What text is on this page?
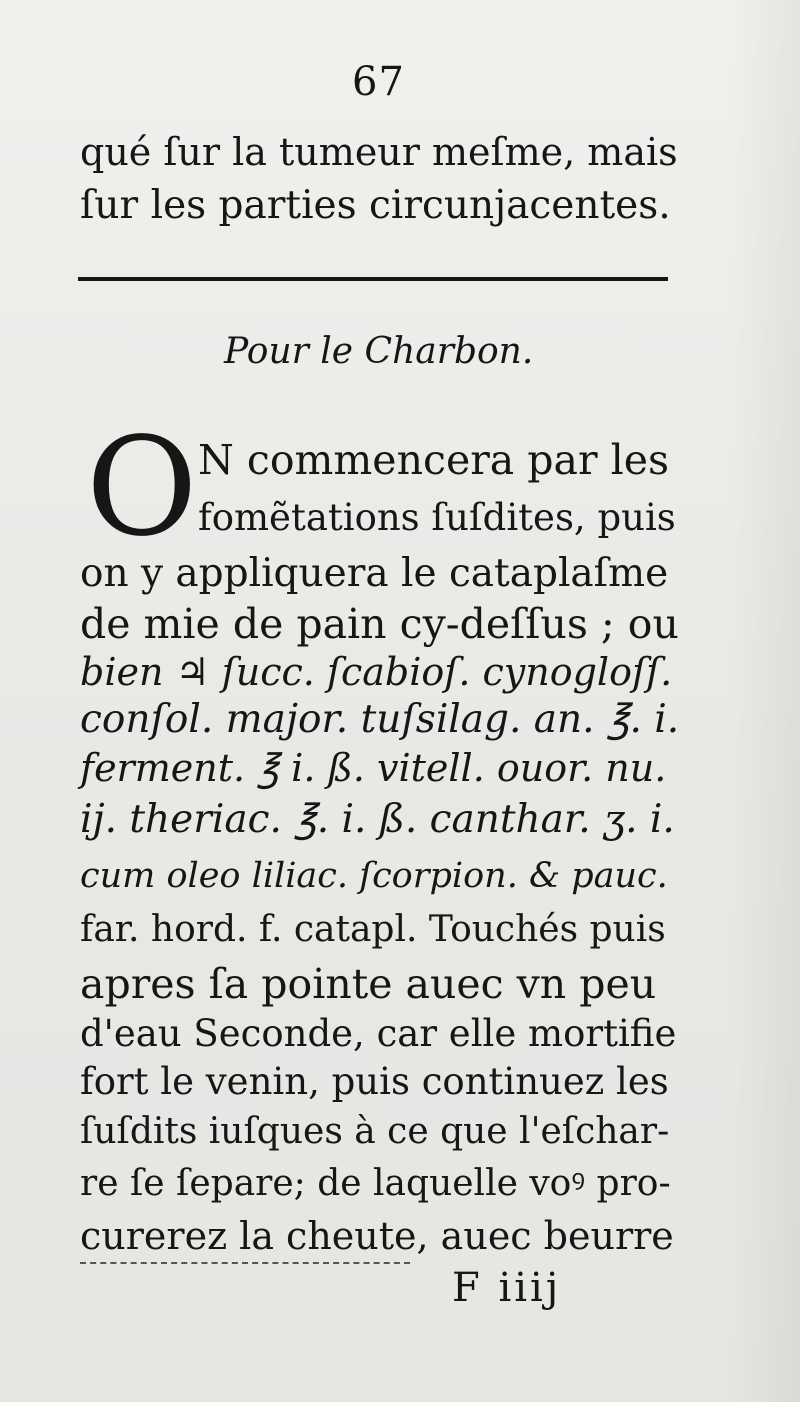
67
qué ſur la tumeur meſme, mais
ſur les parties circunjacentes.
Pour le Charbon.
O N commencera par les
fomẽtations ſuſdites, puis
on y appliquera le cataplaſme
de mie de pain cy-deſſus ; ou
bien ♃ ſucc. ſcabioſ. cynogloſſ.
conſol. major. tuſsilag. an. ℥. i.
ferment. ℥ i. ß. vitell. ouor. nu.
ij. theriac. ℥. i. ß. canthar. ʒ. i.
cum oleo liliac. ſcorpion. & pauc.
far. hord. f. catapl. Touchés puis
apres ſa pointe auec vn peu
d'eau Seconde, car elle mortifie
fort le venin, puis continuez les
ſuſdits iuſques à ce que l'eſchar-
re ſe ſepare; de laquelle voꝰ pro-
curerez la cheute, auec beurre
F iiij
